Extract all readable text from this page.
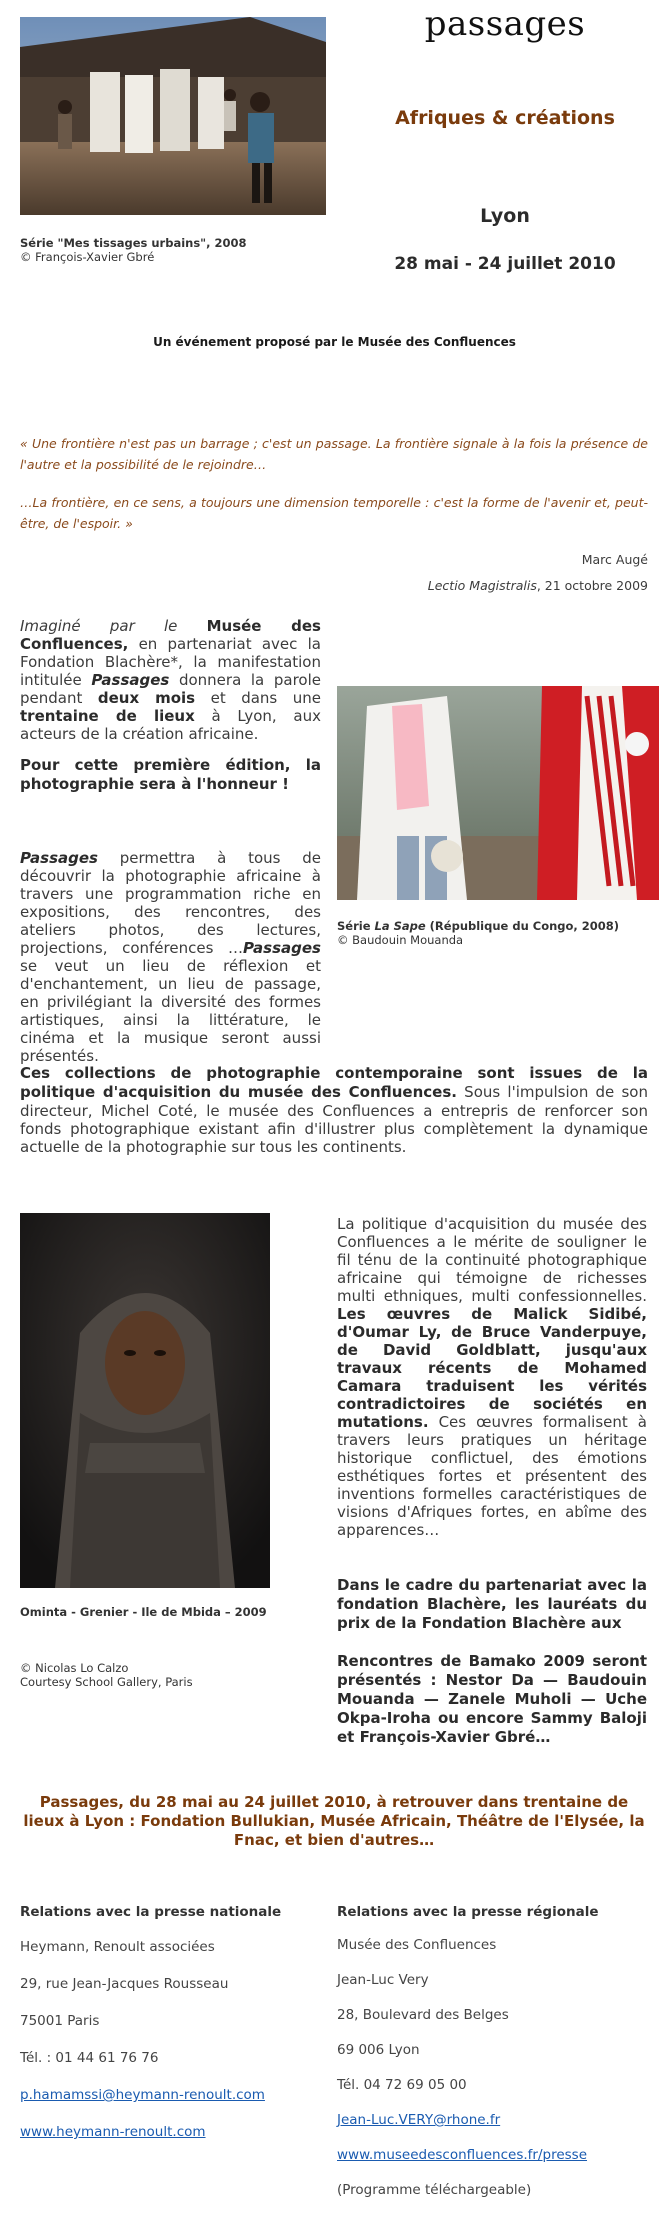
Série "Mes tissages urbains", 2008
© François-Xavier Gbré
passages
Afriques & créations
Lyon
28 mai - 24 juillet 2010
Un événement proposé par le Musée des Confluences
« Une frontière n'est pas un barrage ; c'est un passage. La frontière signale à la fois la présence de l'autre et la possibilité de le rejoindre…
…La frontière, en ce sens, a toujours une dimension temporelle : c'est la forme de l'avenir et, peut-être, de l'espoir. »
Marc Augé
Lectio Magistralis, 21 octobre 2009
Imaginé par le Musée des Confluences, en partenariat avec la Fondation Blachère*, la manifestation intitulée Passages donnera la parole pendant deux mois et dans une trentaine de lieux à Lyon, aux acteurs de la création africaine.
Pour cette première édition, la photographie sera à l'honneur !
Passages permettra à tous de découvrir la photographie africaine à travers une programmation riche en expositions, des rencontres, des ateliers photos, des lectures, projections, conférences …Passages se veut un lieu de réflexion et d'enchantement, un lieu de passage, en privilégiant la diversité des formes artistiques, ainsi la littérature, le cinéma et la musique seront aussi présentés.
Série La Sape (République du Congo, 2008)
© Baudouin Mouanda
Ces collections de photographie contemporaine sont issues de la politique d'acquisition du musée des Confluences. Sous l'impulsion de son directeur, Michel Coté, le musée des Confluences a entrepris de renforcer son fonds photographique existant afin d'illustrer plus complètement la dynamique actuelle de la photographie sur tous les continents.
Ominta - Grenier - Ile de Mbida – 2009
© Nicolas Lo Calzo
Courtesy School Gallery, Paris
La politique d'acquisition du musée des Confluences a le mérite de souligner le fil ténu de la continuité photographique africaine qui témoigne de richesses multi ethniques, multi confessionnelles. Les œuvres de Malick Sidibé, d'Oumar Ly, de Bruce Vanderpuye, de David Goldblatt, jusqu'aux travaux récents de Mohamed Camara traduisent les vérités contradictoires de sociétés en mutations. Ces œuvres formalisent à travers leurs pratiques un héritage historique conflictuel, des émotions esthétiques fortes et présentent des inventions formelles caractéristiques de visions d'Afriques fortes, en abîme des apparences…
Dans le cadre du partenariat avec la fondation Blachère, les lauréats du prix de la Fondation Blachère aux
Rencontres de Bamako 2009 seront présentés : Nestor Da — Baudouin Mouanda — Zanele Muholi — Uche Okpa-Iroha ou encore Sammy Baloji et François-Xavier Gbré…
Passages, du 28 mai au 24 juillet 2010, à retrouver dans trentaine de lieux à Lyon : Fondation Bullukian, Musée Africain, Théâtre de l'Elysée, la Fnac, et bien d'autres…
Relations avec la presse nationale
Heymann, Renoult associées
29, rue Jean-Jacques Rousseau
75001 Paris
Tél. : 01 44 61 76 76
p.hamamssi@heymann-renoult.com
www.heymann-renoult.com
Relations avec la presse régionale
Musée des Confluences
Jean-Luc Very
28, Boulevard des Belges
69 006 Lyon
Tél. 04 72 69 05 00
Jean-Luc.VERY@rhone.fr
www.museedesconfluences.fr/presse
(Programme téléchargeable)
